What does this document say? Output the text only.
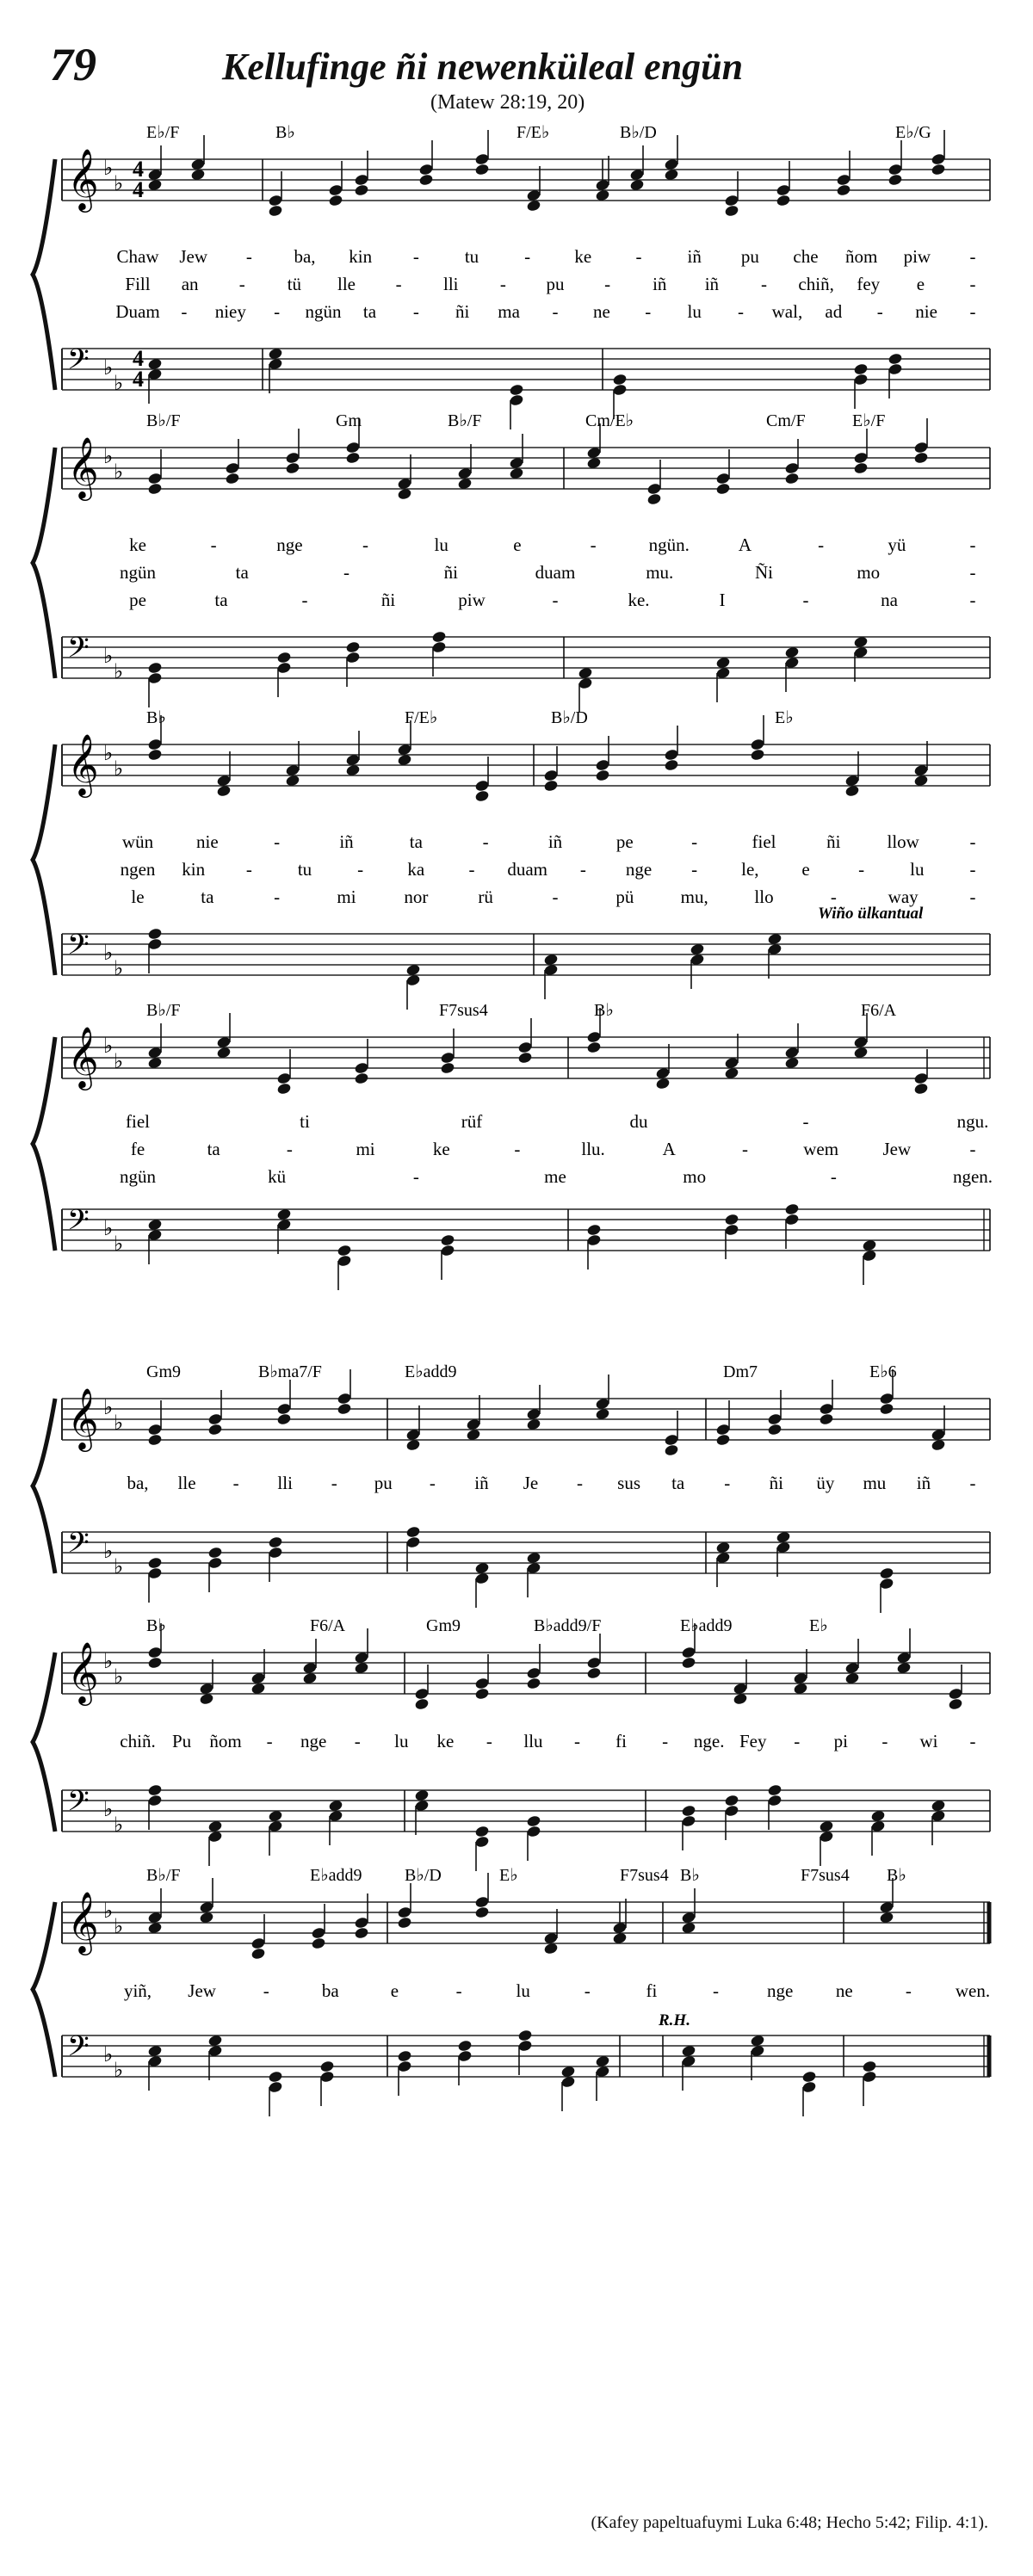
79	Kellufinge ñi newenküleal engün
(Matew 28:19, 20)
𝄞 ♭
♭
𝄢 ♭
♭
4
4
4
4
E♭/F	B♭	F/E♭	B♭/D	E♭/G
Chaw Jew - ba, kin -	tu	- ke -	iñ pu che ñom piw -
Fill an - tü lle - lli - pu - iñ iñ - chiñ, fey e -
Duam - niey - ngün ta - ñi ma - ne - lu - wal, ad - nie -
𝄞 ♭
♭
𝄢 ♭
♭
B♭/F	Gm	B♭/F	Cm/E♭	Cm/F	E♭/F
ke	-	nge	-	lu	e	-	ngün.	A	-	yü	-
ngün	ta	-	ñi	duam	mu.	Ñi	mo	-
pe	ta	-	ñi	piw	-	ke.	I	-	na	-
𝄞 ♭
♭
𝄢 ♭
♭
B♭	F/E♭	B♭/D	E♭
wün nie	-	iñ	ta	-	iñ	pe	-	fiel	ñi	llow	-
ngen kin -	tu	- ka - duam - nge - le, e	-	lu	-
le	ta	-	mi	nor	rü	-	pü	mu,	llo	-	way	-
Wiño ülkantual
𝄞 ♭
♭
𝄢 ♭
♭
B♭/F	F7sus4	B♭	F6/A
fiel	ti	rüf	du	-	ngu.
fe	ta	-	mi	ke	-	llu.	A	-	wem Jew	-
ngün	kü	-	me	mo	-	ngen.
𝄞 ♭
♭
𝄢 ♭
♭
Gm9	B♭ma7/F	E♭add9	Dm7	E♭6
ba, lle - lli - pu - iñ Je - sus ta - ñi üy mu iñ -
𝄞 ♭
♭
𝄢 ♭
♭
B♭	F6/A	Gm9	B♭add9/F	E♭add9	E♭
chiñ. Pu ñom - nge - lu ke - llu - fi - nge. Fey - pi - wi -
𝄞 ♭
♭
𝄢 ♭
♭
B♭/F	E♭add9 B♭/D	E♭	F7sus4 B♭	F7sus4 B♭
yiñ, Jew	-	ba	e	-	lu	-	fi	-	nge ne	- wen.
R.H.
(Kafey papeltuafuymi Luka 6:48; Hecho 5:42; Filip. 4:1).
